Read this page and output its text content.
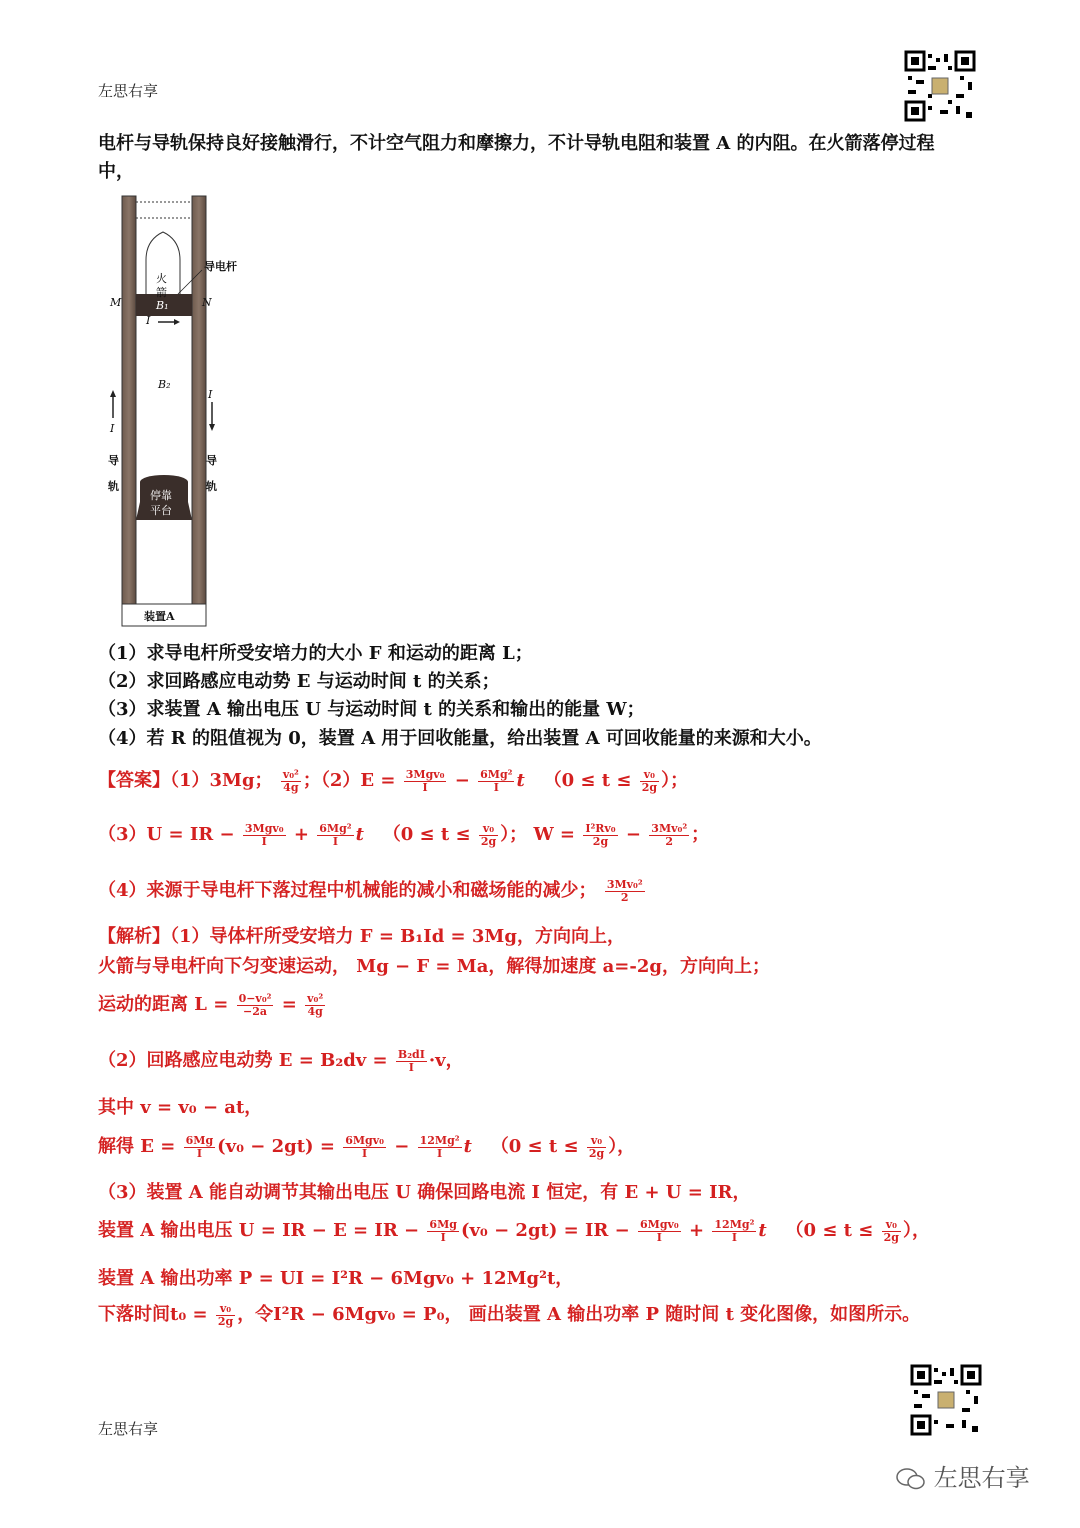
左思右享
电杆与导轨保持良好接触滑行，不计空气阻力和摩擦力，不计导轨电阻和装置 A 的内阻。在火箭落停过程
中，
火
箭
导电杆
M	N
B₁
I
B₂
I
I
导
轨
导
轨
停靠
平台
装置A
（1）求导电杆所受安培力的大小 F 和运动的距离 L；
（2）求回路感应电动势 E 与运动时间 t 的关系；
（3）求装置 A 输出电压 U 与运动时间 t 的关系和输出的能量 W；
（4）若 R 的阻值视为 0，装置 A 用于回收能量，给出装置 A 可回收能量的来源和大小。
【答案】（1）3Mg； $\frac{\text{v₀²}}{4g}$ ；$(2)E = \frac{\text{3Mgv₀}}{I} - \frac{\text{6Mg²}}{I}$ t （$0 \le t \le \frac{\text{v₀}}{2g}$ ）；
（3）U = IR − $\frac{\text{3Mgv₀}}{I} + \frac{\text{6Mg²}}{I}$ t （$0 \le t \le \frac{\text{v₀}}{2g}$ ）； $W = \frac{\text{I²Rv₀}}{2g} - \frac{\text{3Mv₀²}}{2}$ ；
（4）来源于导电杆下落过程中机械能的减小和磁场能的减少； $\frac{\text{3Mv₀²}}{2}$
【解析】（1）导体杆所受安培力 F = B₁Id = 3Mg，方向向上，
火箭与导电杆向下匀变速运动， Mg − F = Ma，解得加速度 a=-2g，方向向上；
运动的距离 $L = \frac{\text{0−v₀²}}{-2a} = \frac{\text{v₀²}}{4g}$
（2）回路感应电动势 $E = B_2dv = \frac{\text{B₂dI}}{I} \cdot v$，
其中 v = v₀ − at，
解得 $E = \frac{6Mg}{I} (v_0 - 2gt) = \frac{\text{6Mgv₀}}{I} - \frac{\text{12Mg²}}{I}$ t （$0 \le t \le \frac{\text{v₀}}{2g}$ ），
（3）装置 A 能自动调节其输出电压 U 确保回路电流 I 恒定，有 E + U = IR，
装置 A 输出电压 U = IR − E = IR − $\frac{6Mg}{I} (v_0 - 2gt)$ = IR − $\frac{\text{6Mgv₀}}{I} + \frac{\text{12Mg²}}{I}$ t （$0 \le t \le \frac{\text{v₀}}{2g}$ ），
装置 A 输出功率 P = UI = I²R − 6Mgv₀ + 12Mg²t，
下落时间$t_0 = \frac{\text{v₀}}{2g}$ ，令I²R − 6Mgv₀ = P₀， 画出装置 A 输出功率 P 随时间 t 变化图像，如图所示。
左思右享
左思右享
